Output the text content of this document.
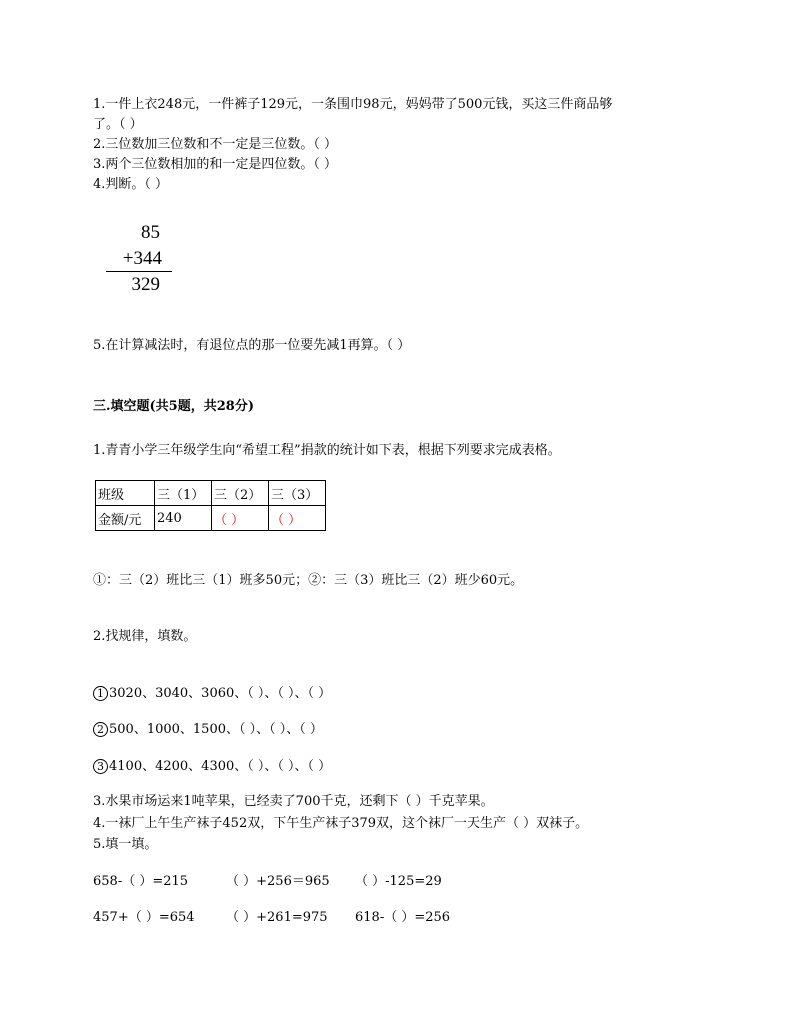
1.一件上衣248元，一件裤子129元，一条围巾98元，妈妈带了500元钱，买这三件商品够
了。（ ）
2.三位数加三位数和不一定是三位数。（ ）
3.两个三位数相加的和一定是四位数。（ ）
4.判断。（ ）
85
+344
329
5.在计算减法时，有退位点的那一位要先减1再算。（ ）
三.填空题(共5题，共28分)
1.青青小学三年级学生向“希望工程”捐款的统计如下表，根据下列要求完成表格。
班级	三（1）	三（2）	三（3）
金额/元	240	（ ）	（ ）
①：三（2）班比三（1）班多50元；②：三（3）班比三（2）班少60元。
2.找规律，填数。
1 3020、3040、3060、（ ）、（ ）、（ ）
2 500、1000、1500、（ ）、（ ）、（ ）
3 4100、4200、4300、（ ）、（ ）、（ ）
3.水果市场运来1吨苹果，已经卖了700千克，还剩下（ ）千克苹果。
4.一袜厂上午生产袜子452双，下午生产袜子379双，这个袜厂一天生产（ ）双袜子。
5.填一填。
658-（ ）=215	（ ）+256＝965 （ ）-125=29
457+（ ）=654 （ ）+261=975 618-（ ）=256
